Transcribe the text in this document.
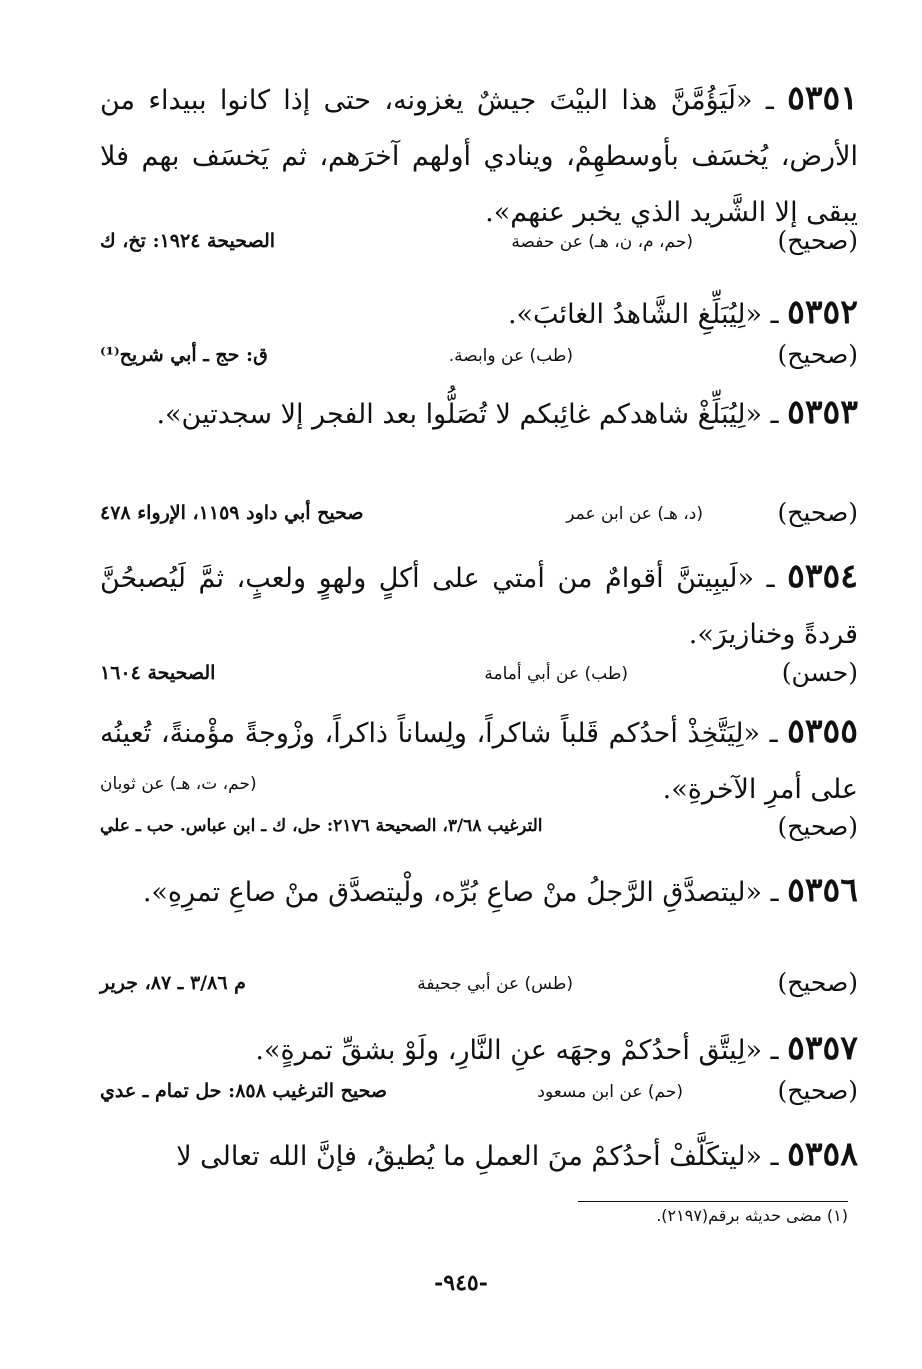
٥٣٥١ ـ «لَيَؤُمَّنَّ هذا البيْتَ جيشٌ يغزونه، حتى إذا كانوا ببيداء من الأرض، يُخسَف بأوسطهِمْ، وينادي أولهم آخرَهم، ثم يَخسَف بهم فلا يبقى إلا الشَّريد الذي يخبر عنهم».
(صحيح)
(حم، م، ن، هـ) عن حفصة
الصحيحة ١٩٢٤: تخ، ك
٥٣٥٢ ـ «لِيُبَلِّغِ الشَّاهدُ الغائبَ».
(صحيح)
(طب) عن وابصة.
ق: حج ـ أبي شريح⁽¹⁾
٥٣٥٣ ـ «لِيُبَلِّغْ شاهدكم غائِبكم لا تُصَلُّوا بعد الفجر إلا سجدتين».
(صحيح)
(د، هـ) عن ابن عمر
صحيح أبي داود ١١٥٩، الإرواء ٤٧٨
٥٣٥٤ ـ «لَيبِيتنَّ أقوامٌ من أمتي على أكلٍ ولهوٍ ولعبٍ، ثمَّ لَيُصبحُنَّ قردةً وخنازيرَ».
(حسن)
(طب) عن أبي أمامة
الصحيحة ١٦٠٤
٥٣٥٥ ـ «لِيَتَّخِذْ أحدُكم قَلباً شاكراً، ولِساناً ذاكراً، وزْوجةً مؤْمنةً، تُعينُه على أمرِ الآخرةِ».
(حم، ت، هـ) عن ثوبان
(صحيح)
الترغيب ٣/٦٨، الصحيحة ٢١٧٦: حل، ك ـ ابن عباس. حب ـ علي
٥٣٥٦ ـ «ليتصدَّقِ الرَّجلُ منْ صاعِ بُرِّه، ولْيتصدَّق منْ صاعِ تمرِهِ».
(صحيح)
(طس) عن أبي جحيفة
م ٣/٨٦ ـ ٨٧، جرير
٥٣٥٧ ـ «لِيتَّق أحدُكمْ وجهَه عنِ النَّارِ، ولَوْ بشقِّ تمرةٍ».
(صحيح)
(حم) عن ابن مسعود
صحيح الترغيب ٨٥٨: حل تمام ـ عدي
٥٣٥٨ ـ «ليتكَلَّفْ أحدُكمْ منَ العملِ ما يُطيقُ، فإنَّ الله تعالى لا
(١) مضى حديثه برقم(٢١٩٧).
-٩٤٥-
